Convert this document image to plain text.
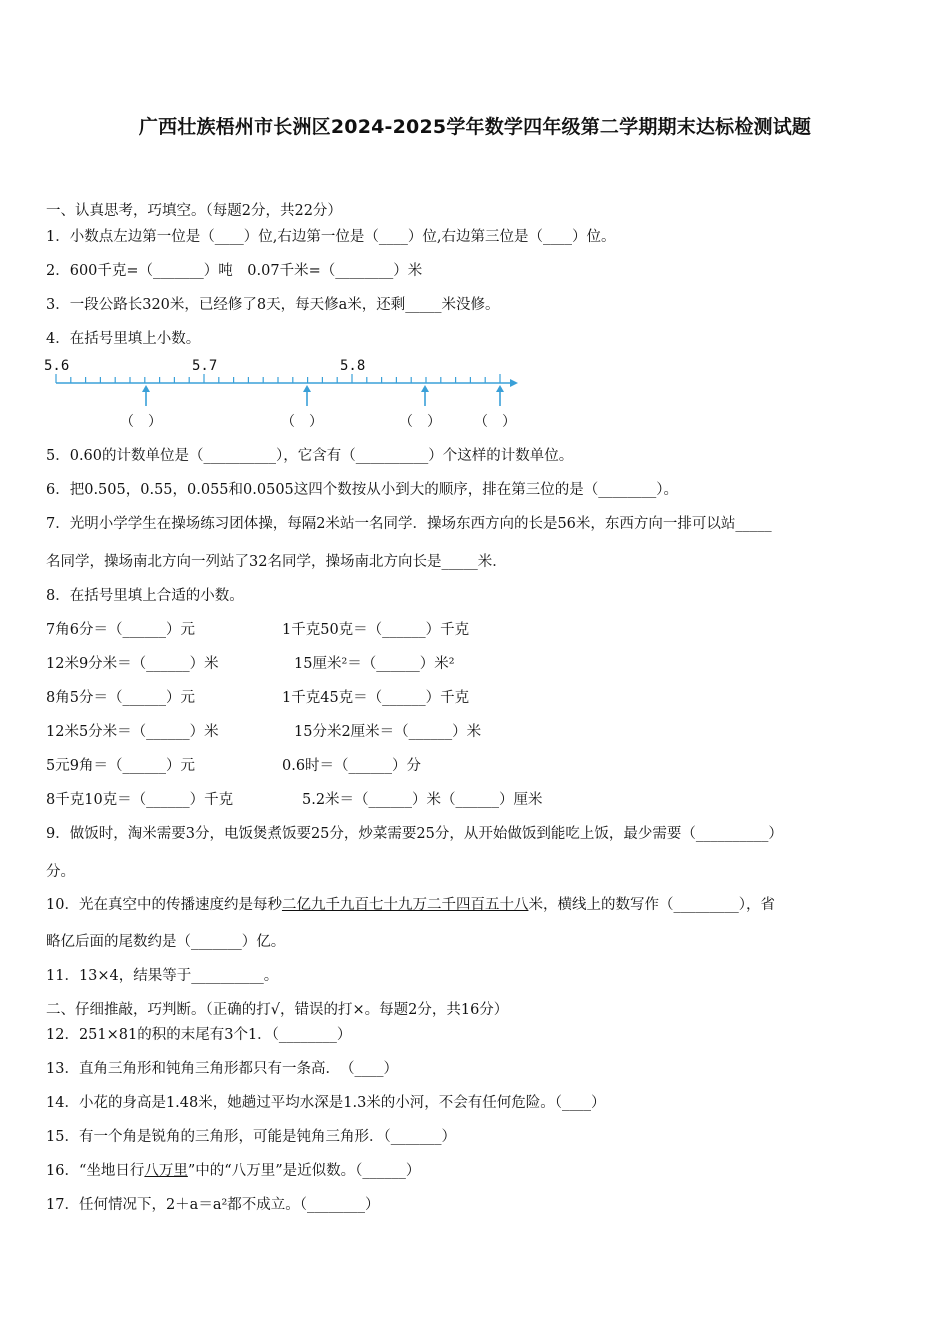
广西壮族梧州市长洲区2024-2025学年数学四年级第二学期期末达标检测试题
一、认真思考，巧填空。（每题2分，共22分）
1．小数点左边第一位是（____）位,右边第一位是（____）位,右边第三位是（____）位。
2．600千克=（_______）吨　0.07千米=（________）米
3．一段公路长320米，已经修了8天，每天修a米，还剩_____米没修。
4．在括号里填上小数。
5.6	5.7	5.8
（　）	（　）	（　） （　）
5．0.60的计数单位是（__________），它含有（__________）个这样的计数单位。
6．把0.505，0.55，0.055和0.0505这四个数按从小到大的顺序，排在第三位的是（________）。
7．光明小学学生在操场练习团体操，每隔2米站一名同学．操场东西方向的长是56米，东西方向一排可以站_____
名同学，操场南北方向一列站了32名同学，操场南北方向长是_____米．
8．在括号里填上合适的小数。
7角6分＝（______）元	1千克50克＝（______）千克
12米9分米＝（______）米	15厘米²＝（______）米²
8角5分＝（______）元	1千克45克＝（______）千克
12米5分米＝（______）米	15分米2厘米＝（______）米
5元9角＝（______）元	0.6时＝（______）分
8千克10克＝（______）千克	5.2米＝（______）米（______）厘米
9．做饭时，淘米需要3分，电饭煲煮饭要25分，炒菜需要25分，从开始做饭到能吃上饭，最少需要（__________）
分。
10．光在真空中的传播速度约是每秒二亿九千九百七十九万二千四百五十八米，横线上的数写作（_________），省
略亿后面的尾数约是（_______）亿。
11．13×4，结果等于__________。
二、仔细推敲，巧判断。（正确的打√，错误的打×。每题2分，共16分）
12．251×81的积的末尾有3个1．（________）
13．直角三角形和钝角三角形都只有一条高．　（____）
14．小花的身高是1.48米，她趟过平均水深是1.3米的小河，不会有任何危险。（____）
15．有一个角是锐角的三角形，可能是钝角三角形．（_______）
16．“坐地日行八万里”中的“八万里”是近似数。（______）
17．任何情况下，2＋a＝a²都不成立。（________）
